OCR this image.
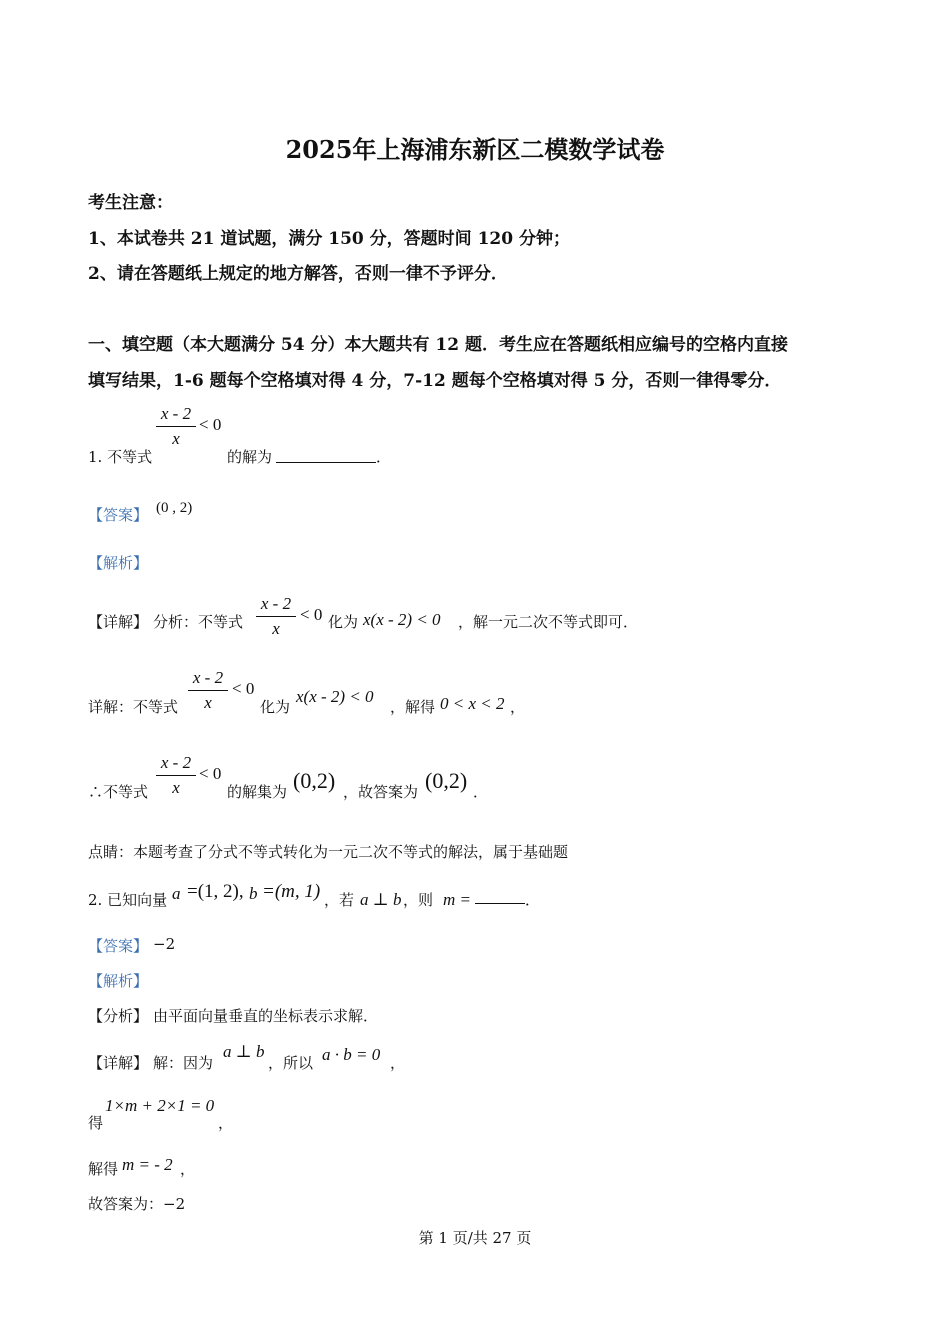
2025年上海浦东新区二模数学试卷
考生注意：
1、本试卷共 21 道试题，满分 150 分，答题时间 120 分钟；
2、请在答题纸上规定的地方解答，否则一律不予评分．
一、填空题（本大题满分 54 分）本大题共有 12 题．考生应在答题纸相应编号的空格内直接
填写结果，1-6 题每个空格填对得 4 分，7-12 题每个空格填对得 5 分，否则一律得零分．
1. 不等式
x - 2
x
< 0
的解为	．
【答案】 (0 , 2)
【解析】
【详解】 分析：不等式
x - 2
x
< 0 化为 x(x - 2) < 0 ，解一元二次不等式即可．
详解：不等式
x - 2
x
< 0
化为
x(x - 2) < 0
，解得 0 < x < 2 ，
∴不等式
x - 2
x
< 0
的解集为 (0,2) ，故答案为 (0,2) ．
点睛：本题考查了分式不等式转化为一元二次不等式的解法，属于基础题
2. 已知向量 a =(1, 2), b =(m, 1) ，若 a ⊥ b ，则 m =	．
【答案】 −2
【解析】
【分析】 由平面向量垂直的坐标表示求解．
【详解】 解：因为
a ⊥ b
，所以 a · b = 0 ，
得
1×m + 2×1 = 0
，
解得 m = - 2 ，
故答案为：−2
第 1 页/共 27 页
